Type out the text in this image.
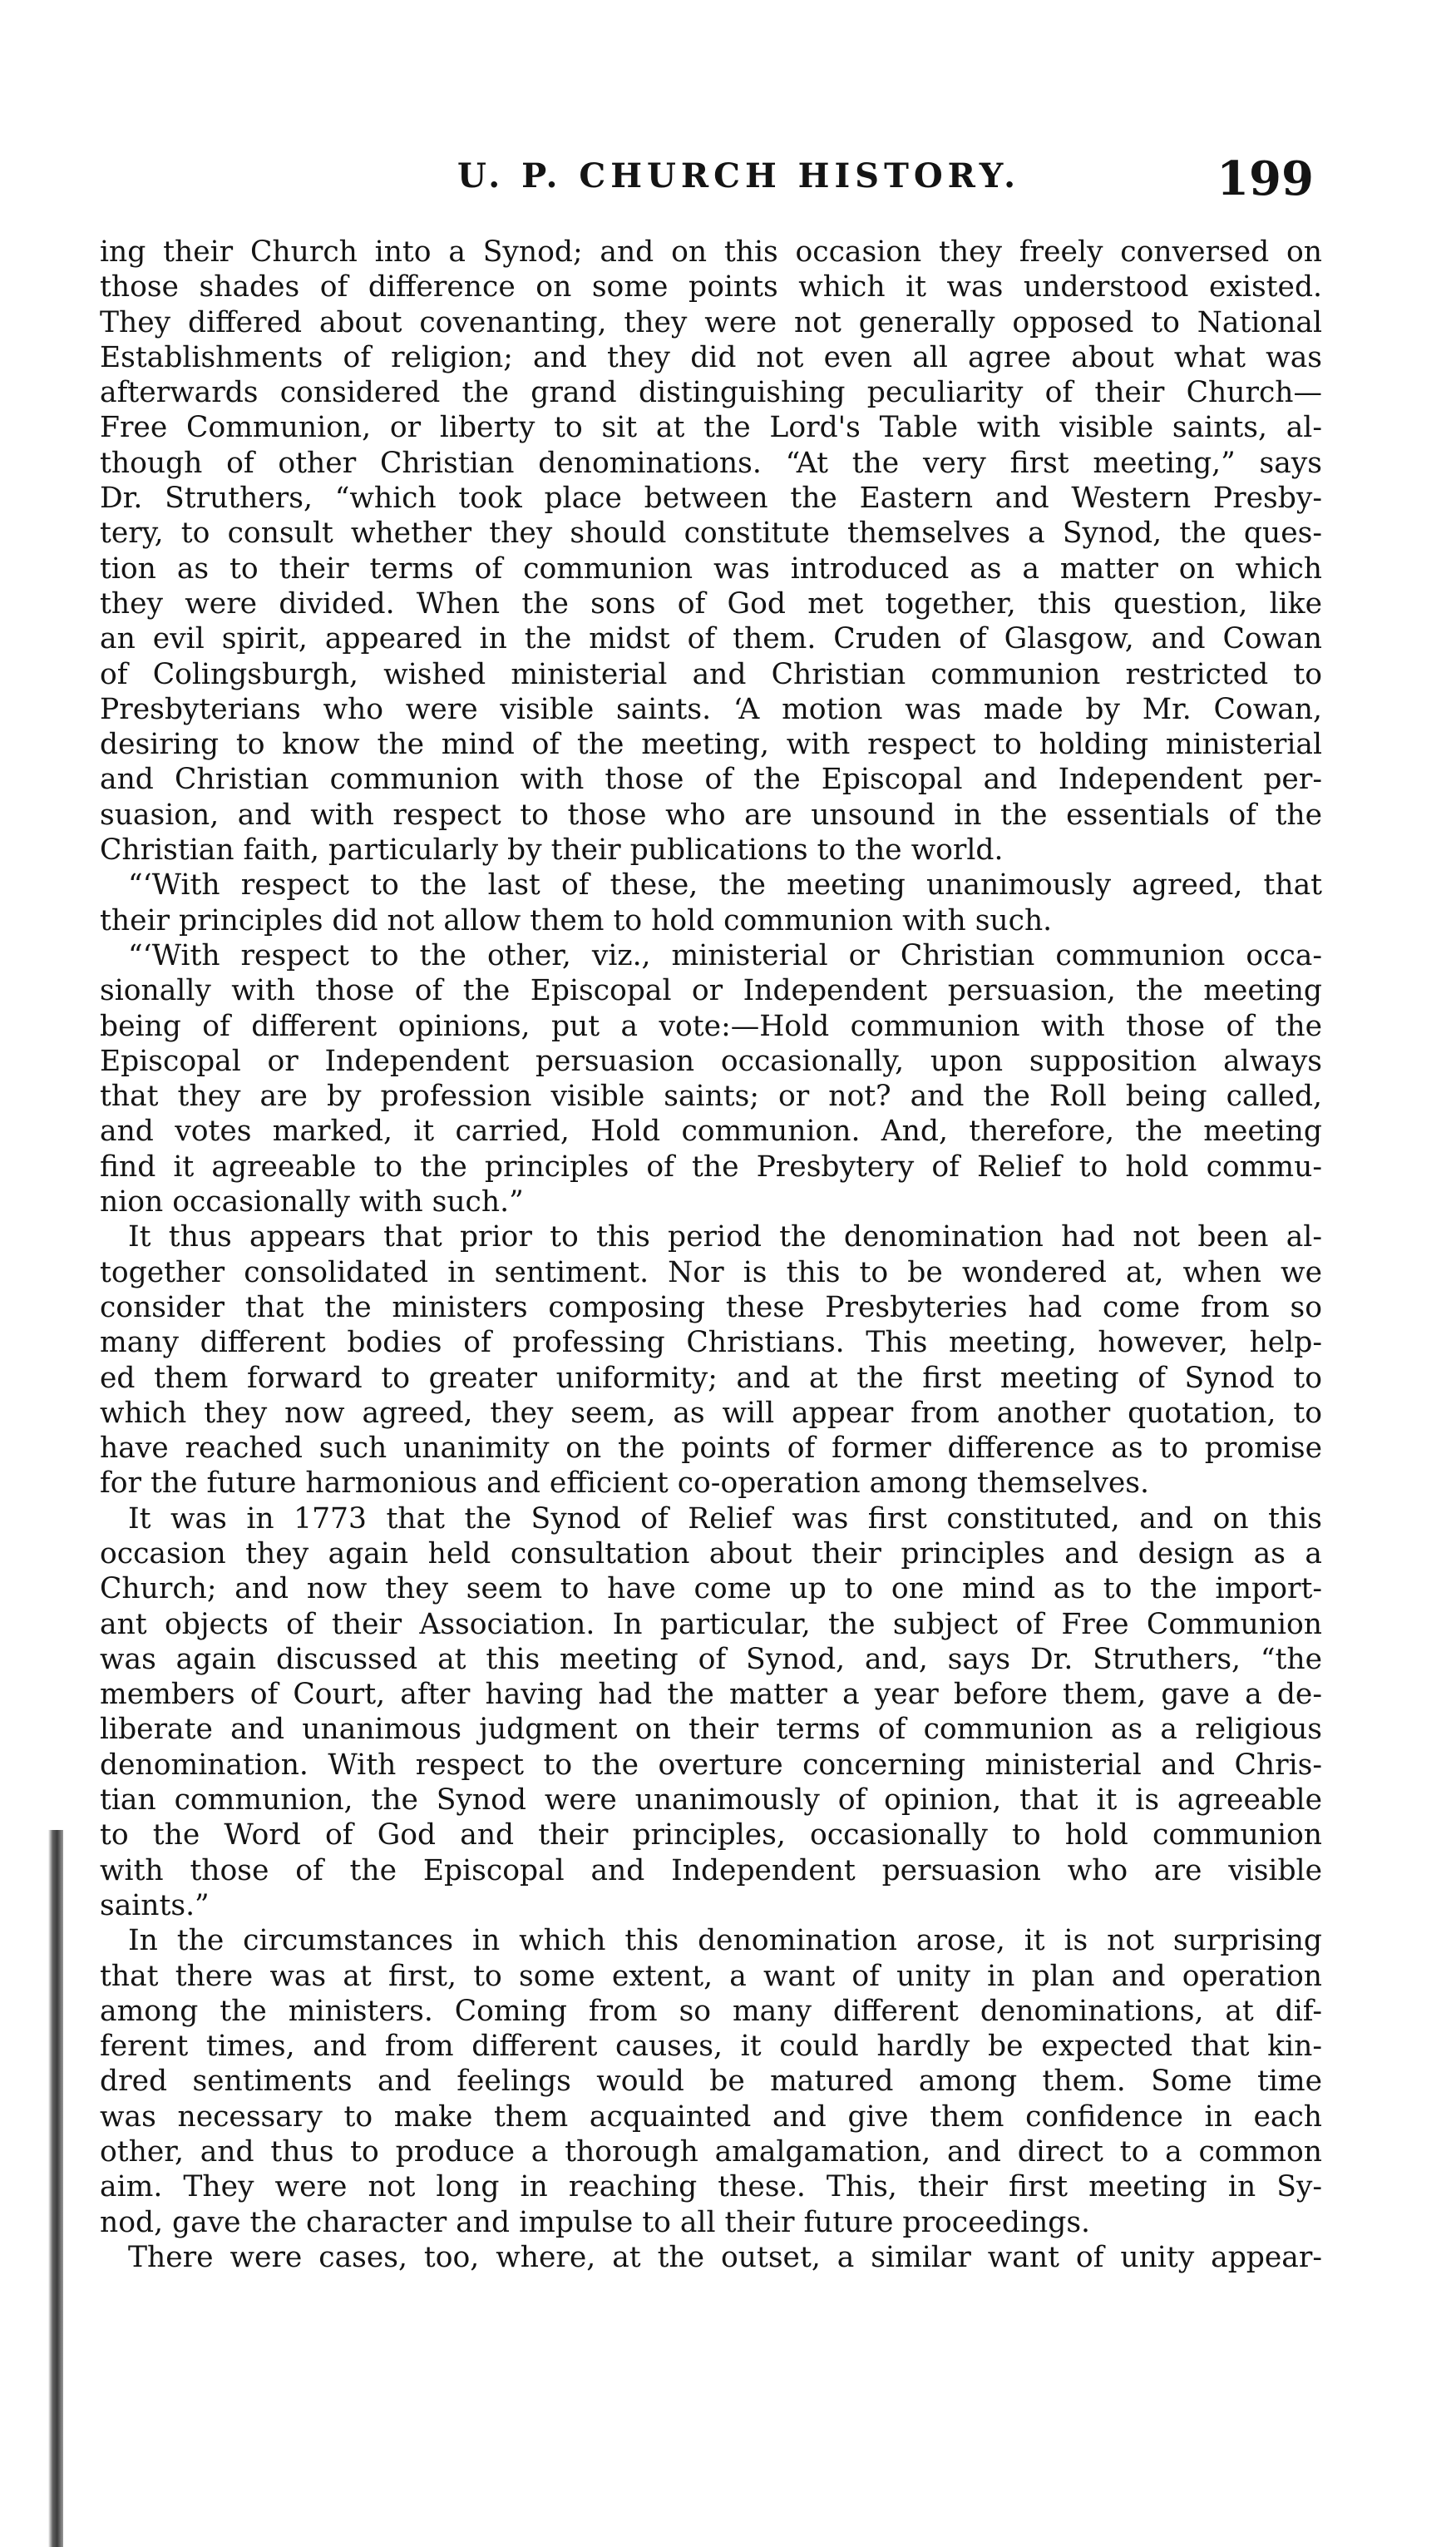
U. P. CHURCH HISTORY.	199
ing their Church into a Synod; and on this occasion they freely conversed on
those shades of difference on some points which it was understood existed.
They differed about covenanting, they were not generally opposed to National
Establishments of religion; and they did not even all agree about what was
afterwards considered the grand distinguishing peculiarity of their Church—
Free Communion, or liberty to sit at the Lord's Table with visible saints, al-
though of other Christian denominations. “At the very first meeting,” says
Dr. Struthers, “which took place between the Eastern and Western Presby-
tery, to consult whether they should constitute themselves a Synod, the ques-
tion as to their terms of communion was introduced as a matter on which
they were divided. When the sons of God met together, this question, like
an evil spirit, appeared in the midst of them. Cruden of Glasgow, and Cowan
of Colingsburgh, wished ministerial and Christian communion restricted to
Presbyterians who were visible saints. ‘A motion was made by Mr. Cowan,
desiring to know the mind of the meeting, with respect to holding ministerial
and Christian communion with those of the Episcopal and Independent per-
suasion, and with respect to those who are unsound in the essentials of the
Christian faith, particularly by their publications to the world.
“‘With respect to the last of these, the meeting unanimously agreed, that
their principles did not allow them to hold communion with such.
“‘With respect to the other, viz., ministerial or Christian communion occa-
sionally with those of the Episcopal or Independent persuasion, the meeting
being of different opinions, put a vote:—Hold communion with those of the
Episcopal or Independent persuasion occasionally, upon supposition always
that they are by profession visible saints; or not? and the Roll being called,
and votes marked, it carried, Hold communion. And, therefore, the meeting
find it agreeable to the principles of the Presbytery of Relief to hold commu-
nion occasionally with such.”
It thus appears that prior to this period the denomination had not been al-
together consolidated in sentiment. Nor is this to be wondered at, when we
consider that the ministers composing these Presbyteries had come from so
many different bodies of professing Christians. This meeting, however, help-
ed them forward to greater uniformity; and at the first meeting of Synod to
which they now agreed, they seem, as will appear from another quotation, to
have reached such unanimity on the points of former difference as to promise
for the future harmonious and efficient co-operation among themselves.
It was in 1773 that the Synod of Relief was first constituted, and on this
occasion they again held consultation about their principles and design as a
Church; and now they seem to have come up to one mind as to the import-
ant objects of their Association. In particular, the subject of Free Communion
was again discussed at this meeting of Synod, and, says Dr. Struthers, “the
members of Court, after having had the matter a year before them, gave a de-
liberate and unanimous judgment on their terms of communion as a religious
denomination. With respect to the overture concerning ministerial and Chris-
tian communion, the Synod were unanimously of opinion, that it is agreeable
to the Word of God and their principles, occasionally to hold communion
with those of the Episcopal and Independent persuasion who are visible
saints.”
In the circumstances in which this denomination arose, it is not surprising
that there was at first, to some extent, a want of unity in plan and operation
among the ministers. Coming from so many different denominations, at dif-
ferent times, and from different causes, it could hardly be expected that kin-
dred sentiments and feelings would be matured among them. Some time
was necessary to make them acquainted and give them confidence in each
other, and thus to produce a thorough amalgamation, and direct to a common
aim. They were not long in reaching these. This, their first meeting in Sy-
nod, gave the character and impulse to all their future proceedings.
There were cases, too, where, at the outset, a similar want of unity appear-
